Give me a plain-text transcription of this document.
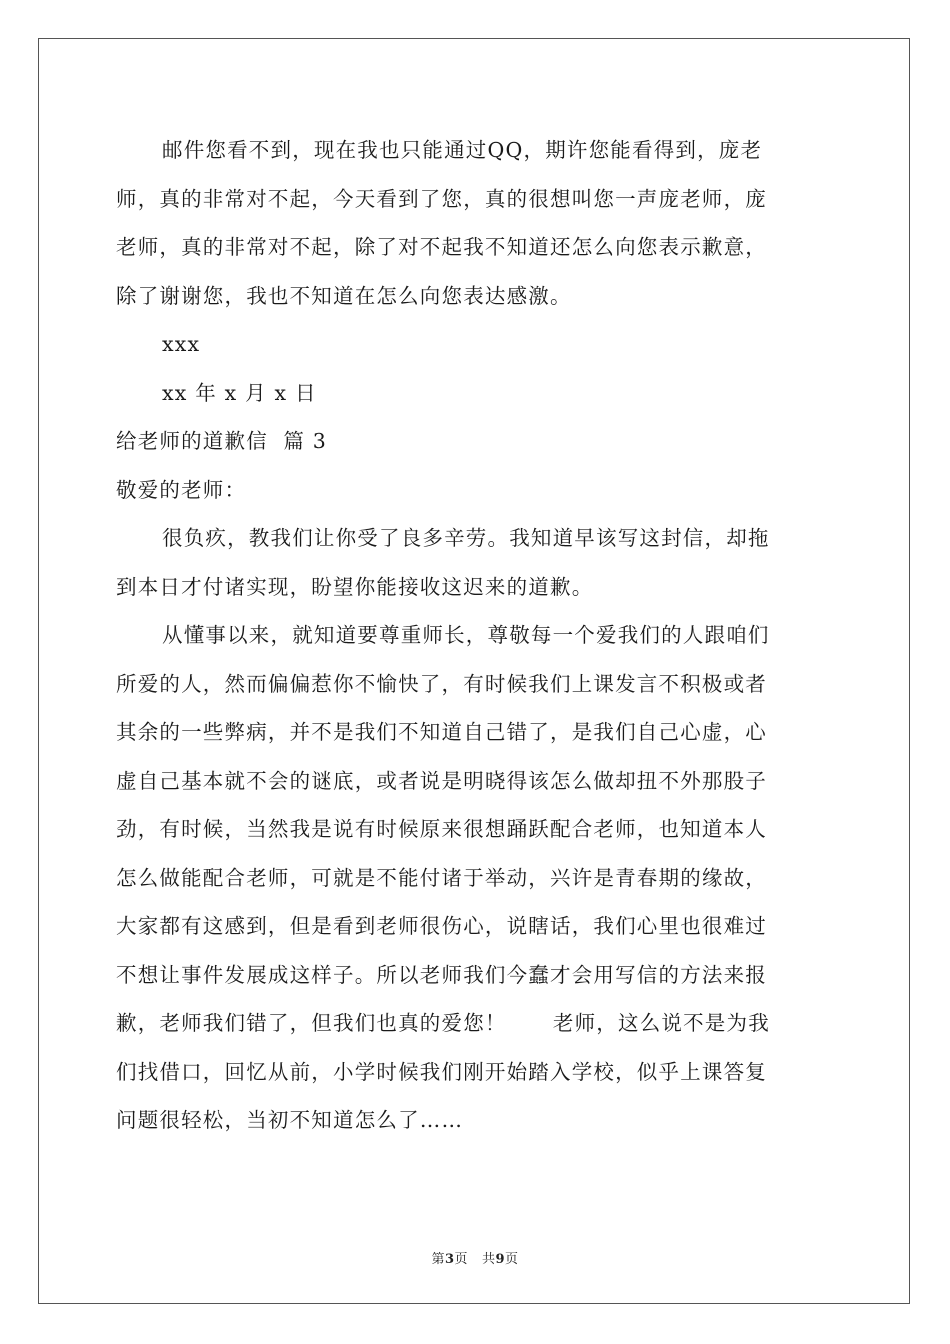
邮件您看不到，现在我也只能通过QQ，期许您能看得到，庞老
师，真的非常对不起，今天看到了您，真的很想叫您一声庞老师，庞
老师，真的非常对不起，除了对不起我不知道还怎么向您表示歉意，
除了谢谢您，我也不知道在怎么向您表达感激。
xxx
xx 年 x 月 x 日
给老师的道歉信  篇 3
敬爱的老师：
很负疚，教我们让你受了良多辛劳。我知道早该写这封信，却拖
到本日才付诸实现，盼望你能接收这迟来的道歉。
从懂事以来，就知道要尊重师长，尊敬每一个爱我们的人跟咱们
所爱的人，然而偏偏惹你不愉快了，有时候我们上课发言不积极或者
其余的一些弊病，并不是我们不知道自己错了，是我们自己心虚，心
虚自己基本就不会的谜底，或者说是明晓得该怎么做却扭不外那股子
劲，有时候，当然我是说有时候原来很想踊跃配合老师，也知道本人
怎么做能配合老师，可就是不能付诸于举动，兴许是青春期的缘故，
大家都有这感到，但是看到老师很伤心，说瞎话，我们心里也很难过
不想让事件发展成这样子。所以老师我们今蠢才会用写信的方法来报
歉，老师我们错了，但我们也真的爱您！      老师，这么说不是为我
们找借口，回忆从前，小学时候我们刚开始踏入学校，似乎上课答复
问题很轻松，当初不知道怎么了……
第3页   共9页
